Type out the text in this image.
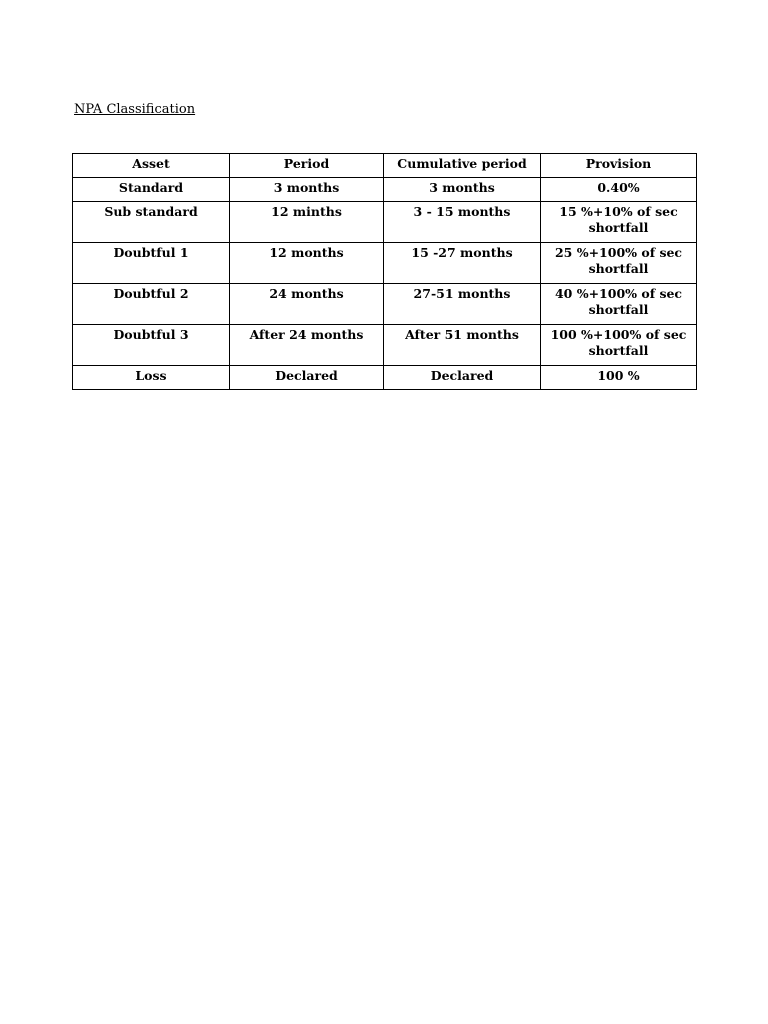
NPA Classification
Asset	Period	Cumulative period	Provision
Standard	3 months	3 months	0.40%
Sub standard	12 minths	3 - 15 months	15 %+10% of sec shortfall
Doubtful 1	12 months	15 -27 months	25 %+100% of sec shortfall
Doubtful 2	24 months	27-51 months	40 %+100% of sec shortfall
Doubtful 3	After 24 months	After 51 months	100 %+100% of sec shortfall
Loss	Declared	Declared	100 %
